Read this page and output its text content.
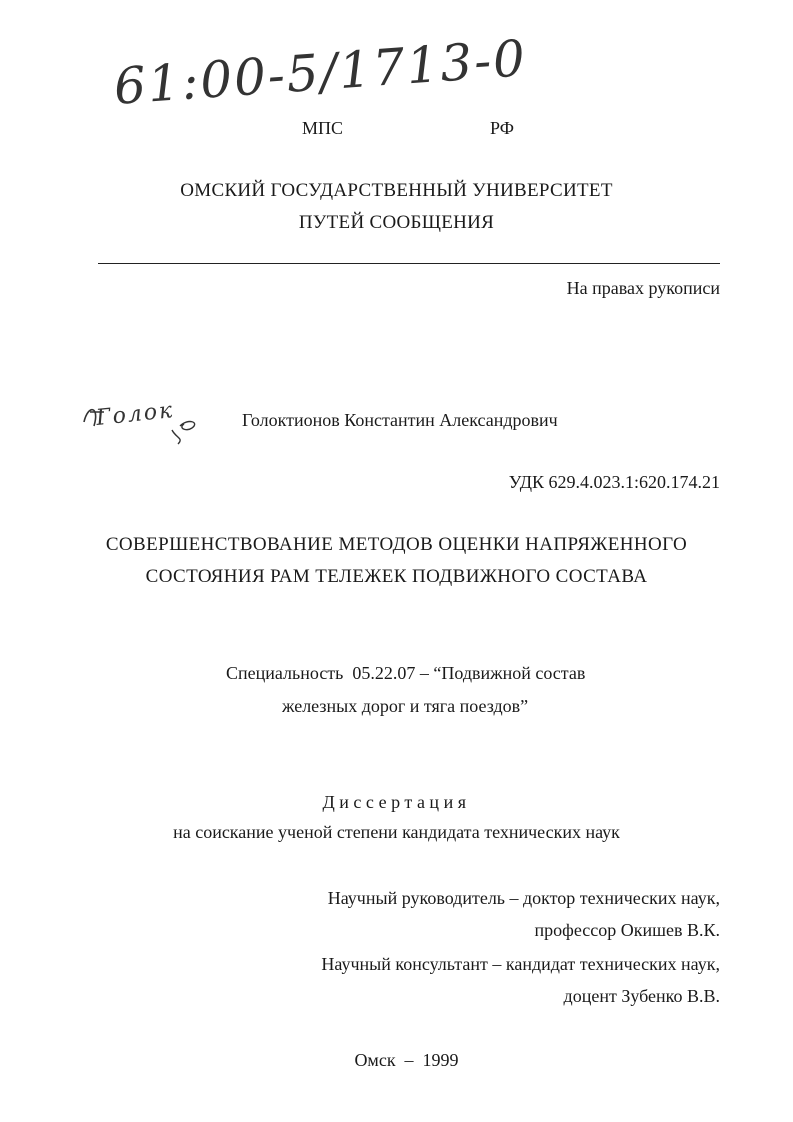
61:00-5/1713-0
МПС	РФ
ОМСКИЙ ГОСУДАРСТВЕННЫЙ УНИВЕРСИТЕТ
ПУТЕЙ СООБЩЕНИЯ
На правах рукописи
Голок	Голоктионов Константин Александрович
УДК 629.4.023.1:620.174.21
СОВЕРШЕНСТВОВАНИЕ МЕТОДОВ ОЦЕНКИ НАПРЯЖЕННОГО
СОСТОЯНИЯ РАМ ТЕЛЕЖЕК ПОДВИЖНОГО СОСТАВА
Специальность  05.22.07 – “Подвижной состав
железных дорог и тяга поездов”
Диссертация
на соискание ученой степени кандидата технических наук
Научный руководитель – доктор технических наук,
профессор Окишев В.К.
Научный консультант – кандидат технических наук,
доцент Зубенко В.В.
Омск  –  1999
